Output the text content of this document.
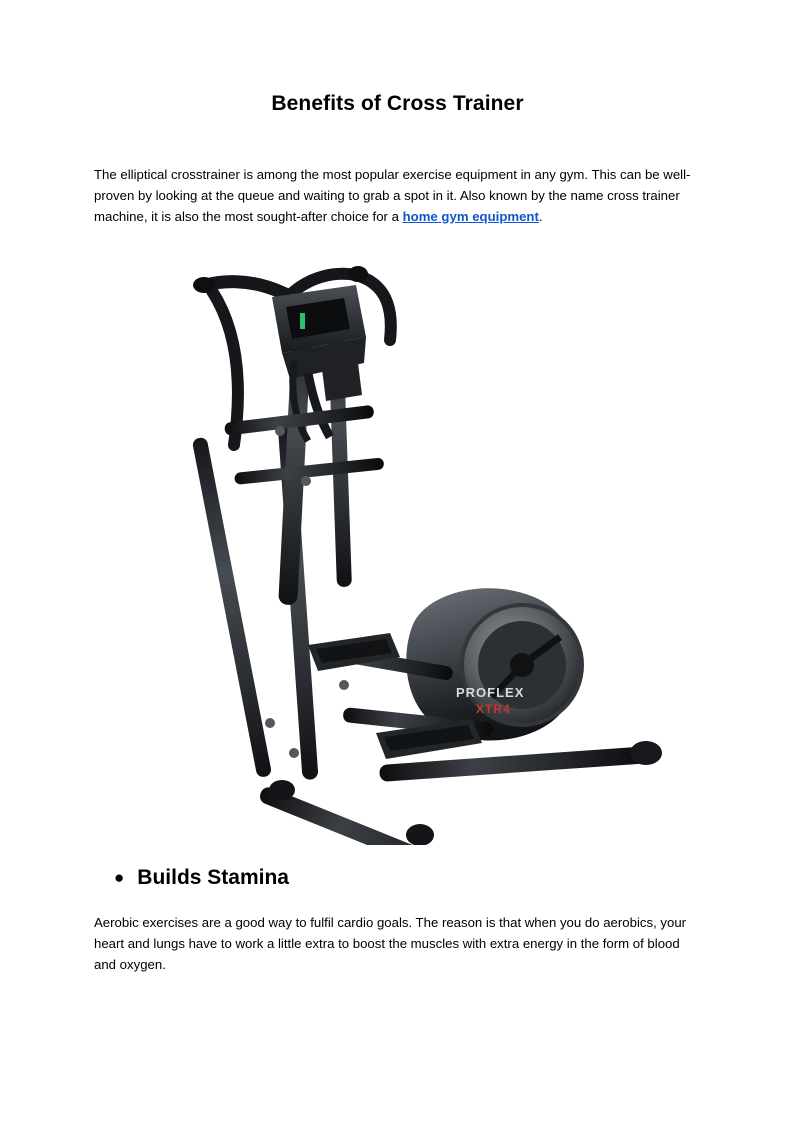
Benefits of Cross Trainer

The elliptical crosstrainer is among the most popular exercise equipment in any gym. This can be well-proven by looking at the queue and waiting to grab a spot in it. Also known by the name cross trainer machine, it is also the most sought-after choice for a home gym equipment.

PROFLEX
XTR4
● Builds Stamina

Aerobic exercises are a good way to fulfil cardio goals. The reason is that when you do aerobics, your heart and lungs have to work a little extra to boost the muscles with extra energy in the form of blood and oxygen.
